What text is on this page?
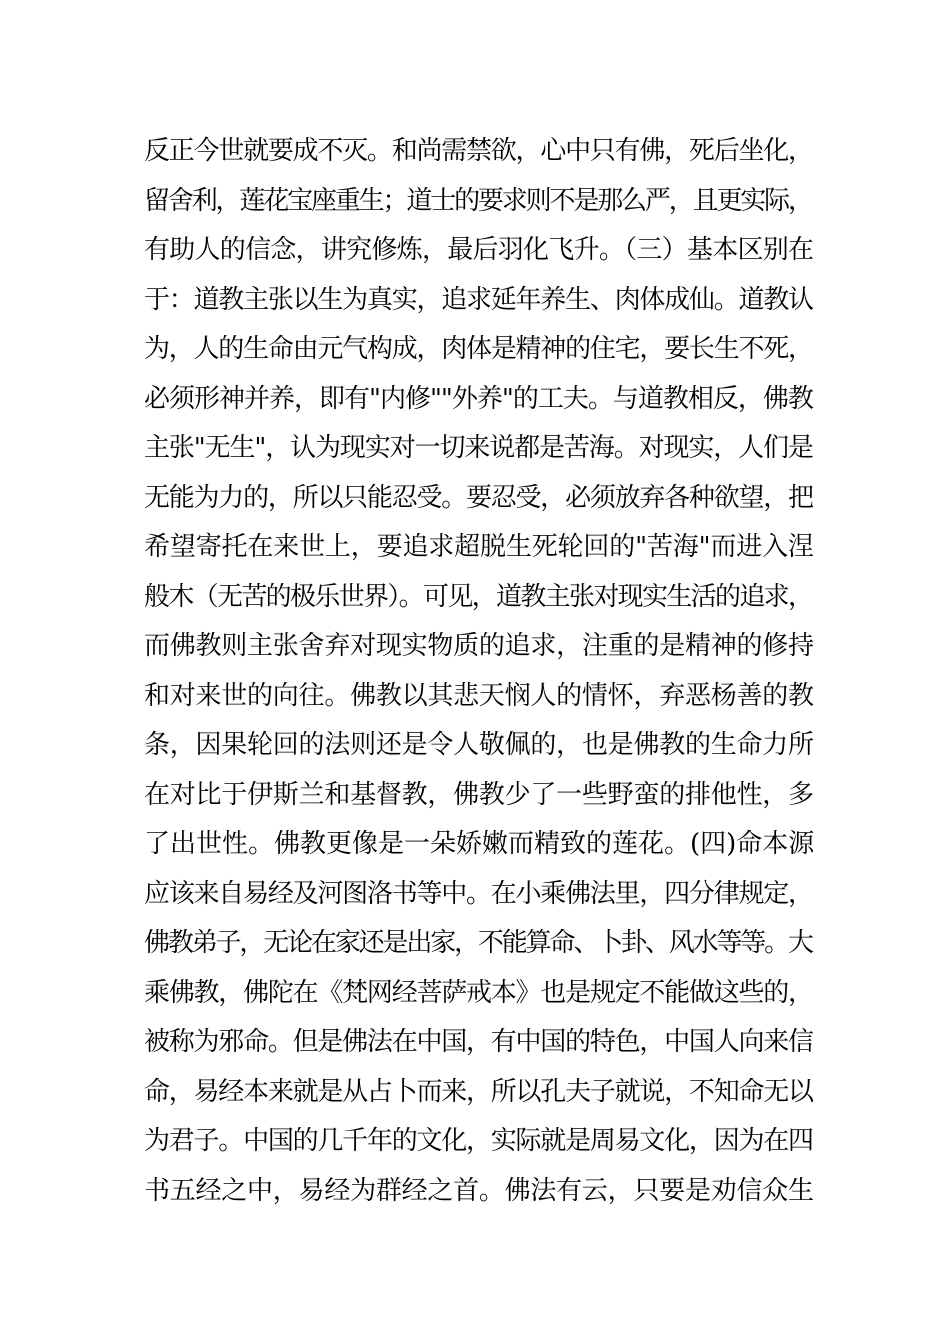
反正今世就要成不灭。和尚需禁欲，心中只有佛，死后坐化，
留舍利，莲花宝座重生；道士的要求则不是那么严，且更实际，
有助人的信念，讲究修炼，最后羽化飞升。（三）基本区别在
于：道教主张以生为真实，追求延年养生、肉体成仙。道教认
为，人的生命由元气构成，肉体是精神的住宅，要长生不死，
必须形神并养，即有"内修""外养"的工夫。与道教相反，佛教
主张"无生"，认为现实对一切来说都是苦海。对现实，人们是
无能为力的，所以只能忍受。要忍受，必须放弃各种欲望，把
希望寄托在来世上，要追求超脱生死轮回的"苦海"而进入涅
般木（无苦的极乐世界）。可见，道教主张对现实生活的追求，
而佛教则主张舍弃对现实物质的追求，注重的是精神的修持
和对来世的向往。佛教以其悲天悯人的情怀，弃恶杨善的教
条，因果轮回的法则还是令人敬佩的，也是佛教的生命力所
在对比于伊斯兰和基督教，佛教少了一些野蛮的排他性，多
了出世性。佛教更像是一朵娇嫩而精致的莲花。(四)命本源
应该来自易经及河图洛书等中。在小乘佛法里，四分律规定，
佛教弟子，无论在家还是出家，不能算命、卜卦、风水等等。大
乘佛教，佛陀在《梵网经菩萨戒本》也是规定不能做这些的，
被称为邪命。但是佛法在中国，有中国的特色，中国人向来信
命，易经本来就是从占卜而来，所以孔夫子就说，不知命无以
为君子。中国的几千年的文化，实际就是周易文化，因为在四
书五经之中，易经为群经之首。佛法有云，只要是劝信众生
